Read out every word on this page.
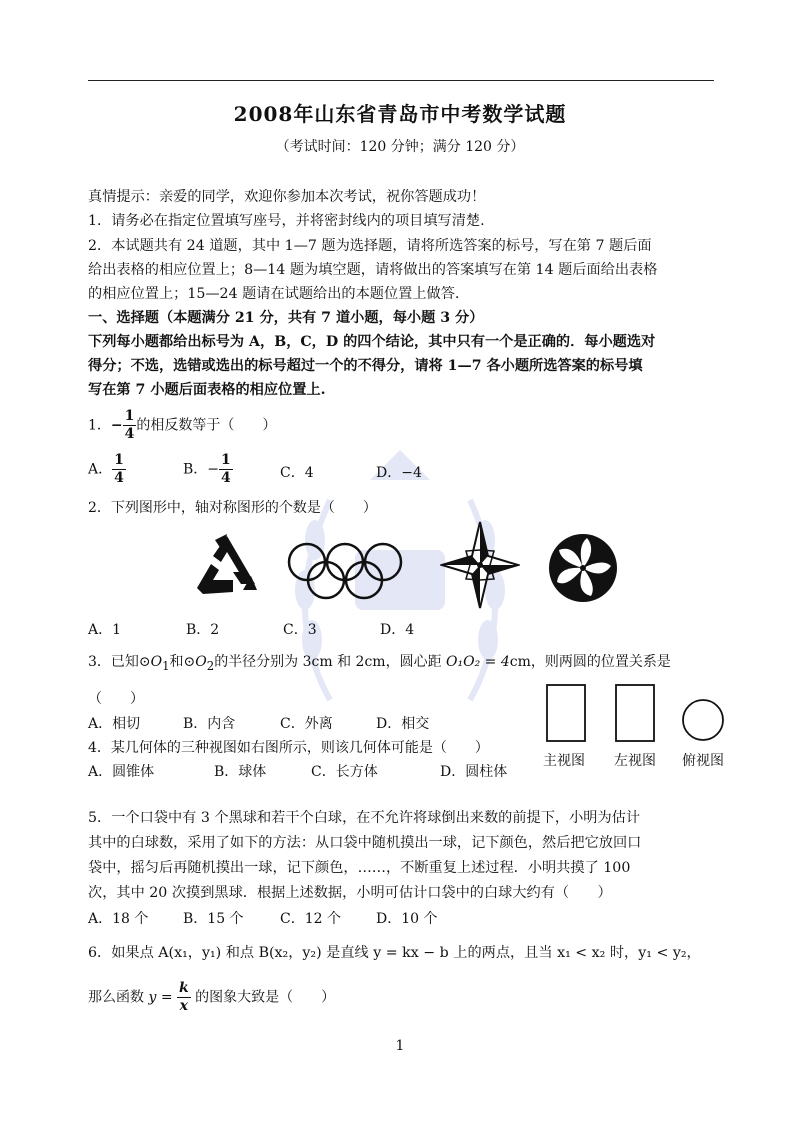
2008年山东省青岛市中考数学试题
（考试时间：120 分钟；满分 120 分）
真情提示：亲爱的同学，欢迎你参加本次考试，祝你答题成功！
1．请务必在指定位置填写座号，并将密封线内的项目填写清楚.
2．本试题共有 24 道题，其中 1—7 题为选择题，请将所选答案的标号，写在第 7 题后面
给出表格的相应位置上；8—14 题为填空题，请将做出的答案填写在第 14 题后面给出表格
的相应位置上；15—24 题请在试题给出的本题位置上做答.
一、选择题（本题满分 21 分，共有 7 道小题，每小题 3 分）
下列每小题都给出标号为 A，B，C，D 的四个结论，其中只有一个是正确的．每小题选对
得分；不选，选错或选出的标号超过一个的不得分，请将 1—7 各小题所选答案的标号填
写在第 7 小题后面表格的相应位置上.
1．− $\frac{1}{4}$ 的相反数等于（　　）
A． $\frac{1}{4}$	B．− $\frac{1}{4}$	C．4	D．−4
2．下列图形中，轴对称图形的个数是（　　）
A．1	B．2	C．3	D．4
3．已知$⊙O_1$和$⊙O_2$的半径分别为 3cm 和 2cm，圆心距 O₁O₂ = 4cm，则两圆的位置关系是
（　　）
A．相切	B．内含	C．外离	D．相交
4．某几何体的三种视图如右图所示，则该几何体可能是（　　）
A．圆锥体	B．球体	C．长方体	D．圆柱体
主视图 左视图 俯视图
5．一个口袋中有 3 个黑球和若干个白球，在不允许将球倒出来数的前提下，小明为估计
其中的白球数，采用了如下的方法：从口袋中随机摸出一球，记下颜色，然后把它放回口
袋中，摇匀后再随机摸出一球，记下颜色，……，不断重复上述过程．小明共摸了 100
次，其中 20 次摸到黑球．根据上述数据，小明可估计口袋中的白球大约有（　　）
A．18 个 B．15 个	C．12 个	D．10 个
6．如果点 A(x₁，y₁) 和点 B(x₂，y₂) 是直线 y = kx − b 上的两点，且当 x₁ < x₂ 时，y₁ < y₂，
那么函数 $y = \frac{k}{x}$ 的图象大致是（　　）
1
